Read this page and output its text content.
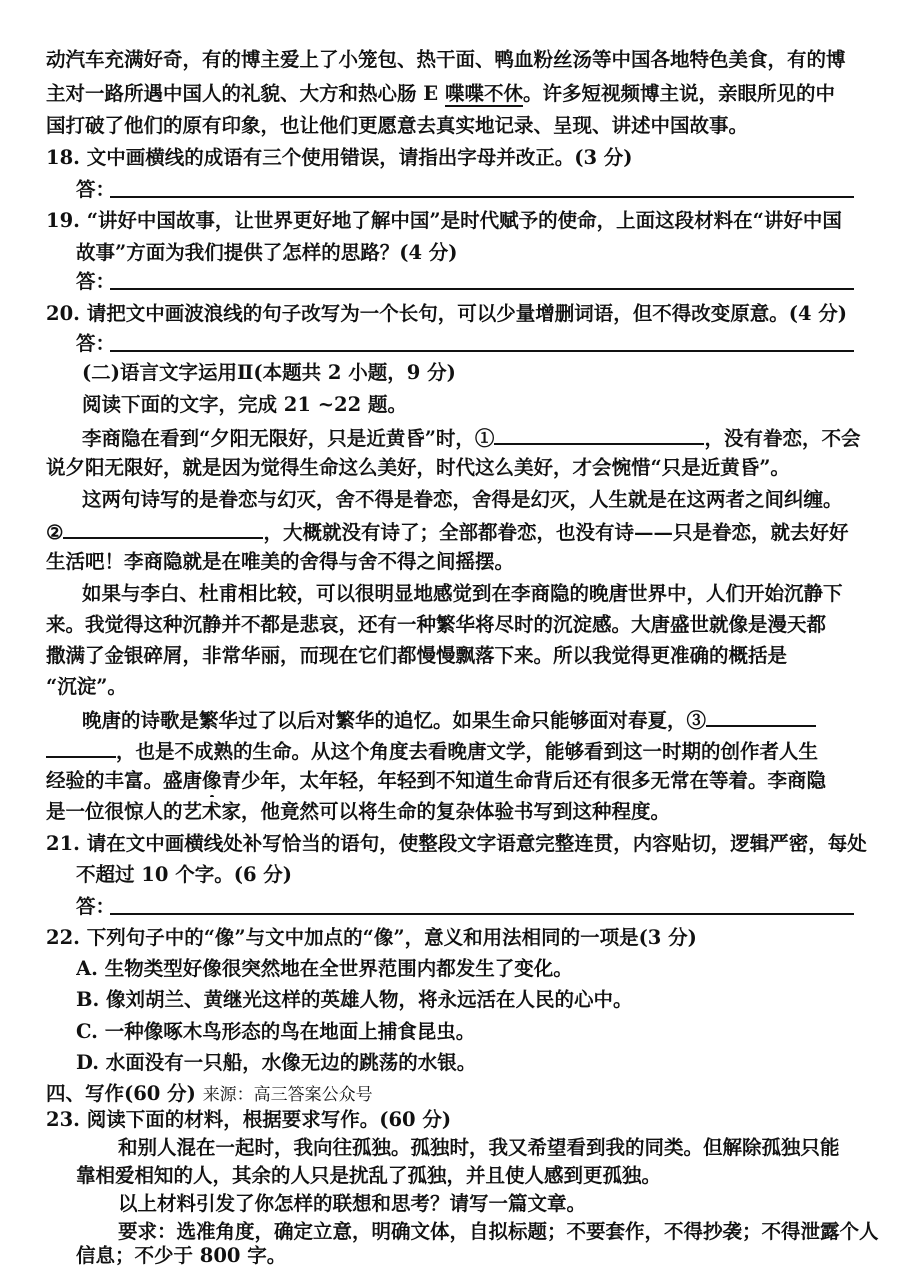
动汽车充满好奇，有的博主爱上了小笼包、热干面、鸭血粉丝汤等中国各地特色美食，有的博
主对一路所遇中国人的礼貌、大方和热心肠 E 喋喋不休。许多短视频博主说，亲眼所见的中
国打破了他们的原有印象，也让他们更愿意去真实地记录、呈现、讲述中国故事。
18. 文中画横线的成语有三个使用错误，请指出字母并改正。(3 分)
答：
19. “讲好中国故事，让世界更好地了解中国”是时代赋予的使命，上面这段材料在“讲好中国
故事”方面为我们提供了怎样的思路？(4 分)
答：
20. 请把文中画波浪线的句子改写为一个长句，可以少量增删词语，但不得改变原意。(4 分)
答：
(二)语言文字运用Ⅱ(本题共 2 小题，9 分)
阅读下面的文字，完成 21 ~22 题。
李商隐在看到“夕阳无限好，只是近黄昏”时，①	，没有眷恋，不会
说夕阳无限好，就是因为觉得生命这么美好，时代这么美好，才会惋惜“只是近黄昏”。
这两句诗写的是眷恋与幻灭，舍不得是眷恋，舍得是幻灭，人生就是在这两者之间纠缠。
②	，大概就没有诗了；全部都眷恋，也没有诗——只是眷恋，就去好好
生活吧！李商隐就是在唯美的舍得与舍不得之间摇摆。
如果与李白、杜甫相比较，可以很明显地感觉到在李商隐的晚唐世界中，人们开始沉静下
来。我觉得这种沉静并不都是悲哀，还有一种繁华将尽时的沉淀感。大唐盛世就像是漫天都
撒满了金银碎屑，非常华丽，而现在它们都慢慢飘落下来。所以我觉得更准确的概括是
“沉淀”。
晚唐的诗歌是繁华过了以后对繁华的追忆。如果生命只能够面对春夏，③
，也是不成熟的生命。从这个角度去看晚唐文学，能够看到这一时期的创作者人生
经验的丰富。盛唐像青少年，太年轻，年轻到不知道生命背后还有很多无常在等着。李商隐
是一位很惊人的艺术家，他竟然可以将生命的复杂体验书写到这种程度。
21. 请在文中画横线处补写恰当的语句，使整段文字语意完整连贯，内容贴切，逻辑严密，每处
不超过 10 个字。(6 分)
答：
22. 下列句子中的“像”与文中加点的“像”，意义和用法相同的一项是(3 分)
A. 生物类型好像很突然地在全世界范围内都发生了变化。
B. 像刘胡兰、黄继光这样的英雄人物，将永远活在人民的心中。
C. 一种像啄木鸟形态的鸟在地面上捕食昆虫。
D. 水面没有一只船，水像无边的跳荡的水银。
四、写作(60 分) 来源：高三答案公众号
23. 阅读下面的材料，根据要求写作。(60 分)
和别人混在一起时，我向往孤独。孤独时，我又希望看到我的同类。但解除孤独只能
靠相爱相知的人，其余的人只是扰乱了孤独，并且使人感到更孤独。
以上材料引发了你怎样的联想和思考？请写一篇文章。
要求：选准角度，确定立意，明确文体，自拟标题；不要套作，不得抄袭；不得泄露个人
信息；不少于 800 字。
